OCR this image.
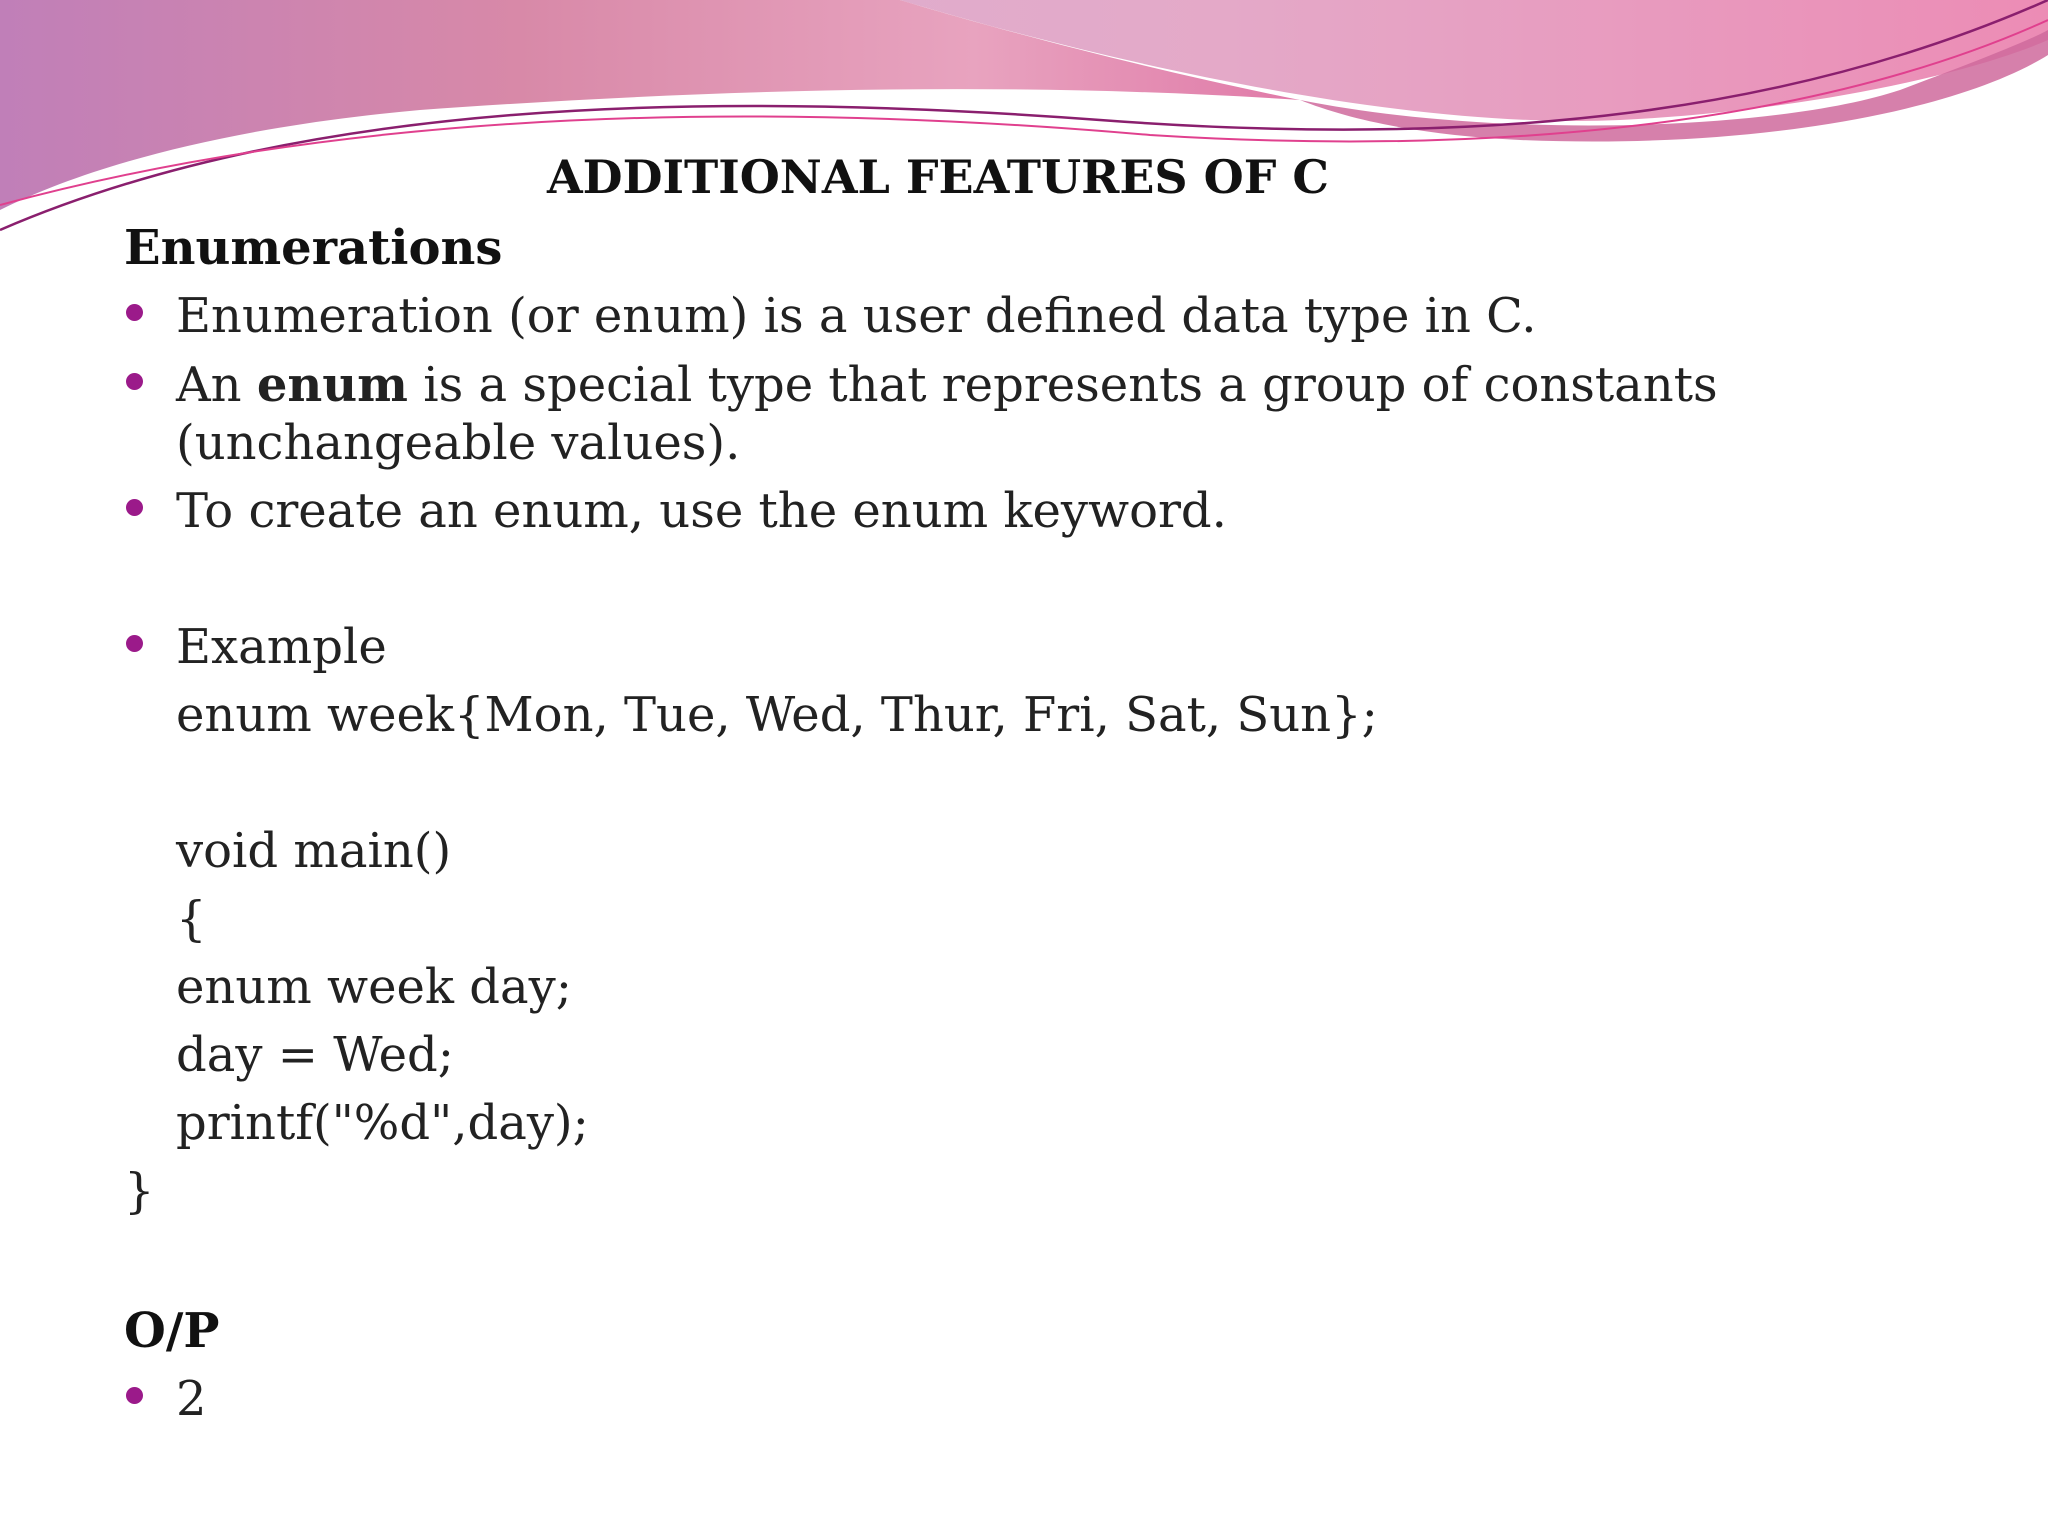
ADDITIONAL FEATURES OF C
Enumerations
Enumeration (or enum) is a user defined data type in C.
An enum is a special type that represents a group of constants
(unchangeable values).
To create an enum, use the enum keyword.
Example
enum week{Mon, Tue, Wed, Thur, Fri, Sat, Sun};
void main()
{
enum week day;
day = Wed;
printf("%d",day);
}
O/P
2
